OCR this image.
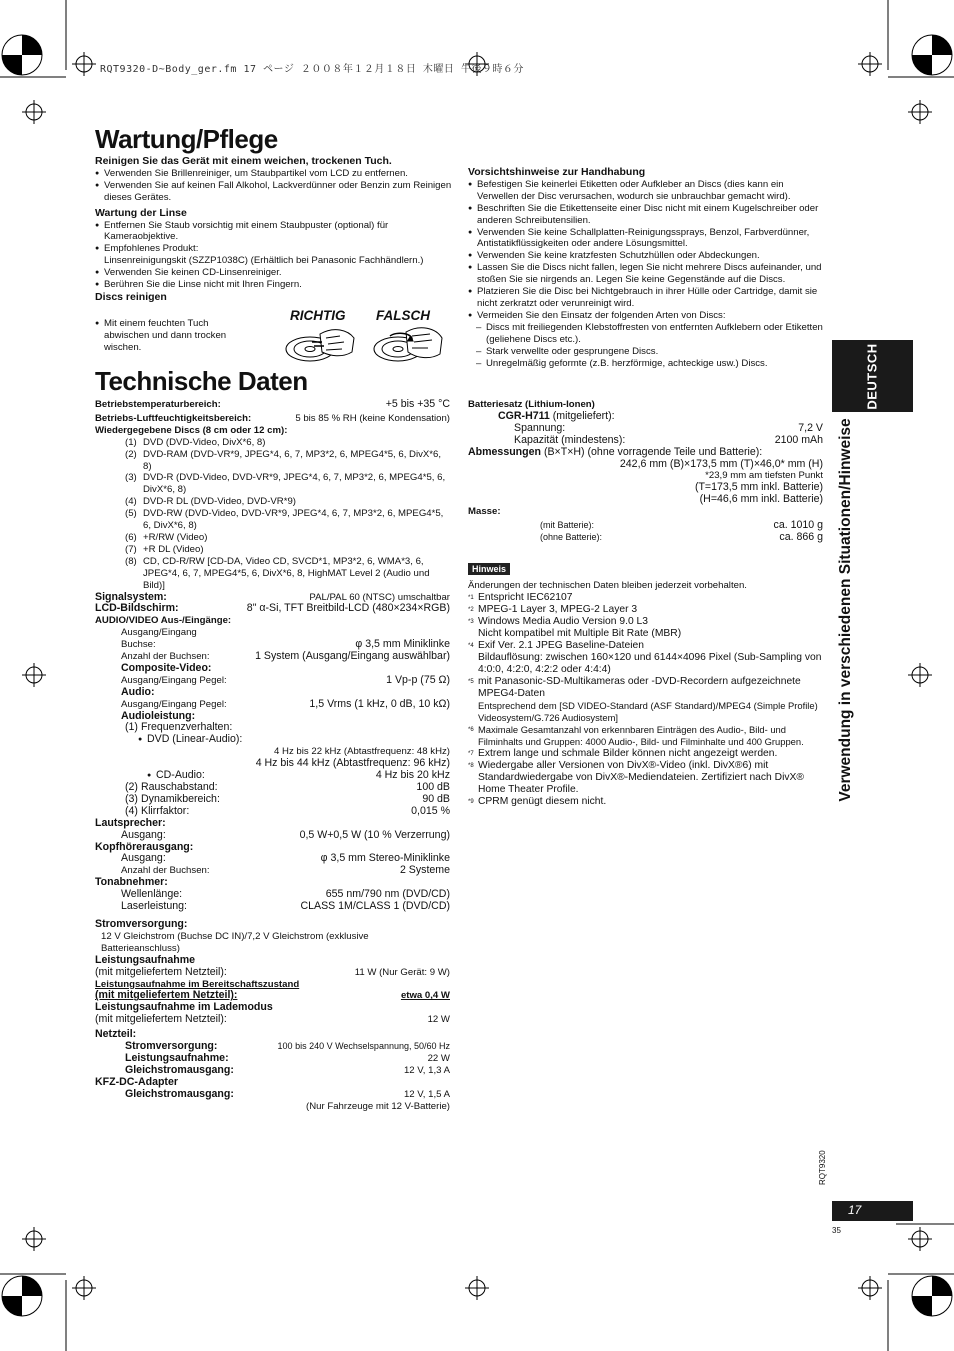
RQT9320-D~Body_ger.fm 17 ページ ２００８年１２月１８日 木曜日 午後９時６分
Wartung/Pflege
Reinigen Sie das Gerät mit einem weichen, trockenen Tuch.
● Verwenden Sie Brillenreiniger, um Staubpartikel vom LCD zu entfernen.
● Verwenden Sie auf keinen Fall Alkohol, Lackverdünner oder Benzin zum Reinigen dieses Gerätes.
Wartung der Linse
● Entfernen Sie Staub vorsichtig mit einem Staubpuster (optional) für Kameraobjektive.
● Empfohlenes Produkt:
Linsenreinigungskit (SZZP1038C) (Erhältlich bei Panasonic Fachhändlern.)
● Verwenden Sie keinen CD-Linsenreiniger.
● Berühren Sie die Linse nicht mit Ihren Fingern.
Discs reinigen
● Mit einem feuchten Tuch abwischen und dann trocken wischen.
RICHTIG FALSCH
Technische Daten
Betriebstemperaturbereich:	+5 bis +35 °C
Betriebs-Luftfeuchtigkeitsbereich:	5 bis 85 % RH (keine Kondensation)
Wiedergegebene Discs (8 cm oder 12 cm):
(1) DVD (DVD-Video, DivX*6, 8)
(2) DVD-RAM (DVD-VR*9, JPEG*4, 6, 7, MP3*2, 6, MPEG4*5, 6, DivX*6, 8)
(3) DVD-R (DVD-Video, DVD-VR*9, JPEG*4, 6, 7, MP3*2, 6, MPEG4*5, 6, DivX*6, 8)
(4) DVD-R DL (DVD-Video, DVD-VR*9)
(5) DVD-RW (DVD-Video, DVD-VR*9, JPEG*4, 6, 7, MP3*2, 6, MPEG4*5, 6, DivX*6, 8)
(6) +R/RW (Video)
(7) +R DL (Video)
(8) CD, CD-R/RW [CD-DA, Video CD, SVCD*1, MP3*2, 6, WMA*3, 6, JPEG*4, 6, 7, MPEG4*5, 6, DivX*6, 8, HighMAT Level 2 (Audio und Bild)]
Signalsystem:	PAL/PAL 60 (NTSC) umschaltbar
LCD-Bildschirm:	8" α-Si, TFT Breitbild-LCD (480×234×RGB)
AUDIO/VIDEO Aus-/Eingänge:
Ausgang/Eingang
Buchse:	φ 3,5 mm Miniklinke
Anzahl der Buchsen:	1 System (Ausgang/Eingang auswählbar)
Composite-Video:
Ausgang/Eingang Pegel:	1 Vp-p (75 Ω)
Audio:
Ausgang/Eingang Pegel:	1,5 Vrms (1 kHz, 0 dB, 10 kΩ)
Audioleistung:
(1) Frequenzverhalten:
● DVD (Linear-Audio):
4 Hz bis 22 kHz (Abtastfrequenz: 48 kHz)
4 Hz bis 44 kHz (Abtastfrequenz: 96 kHz)
● CD-Audio:	4 Hz bis 20 kHz
(2) Rauschabstand:	100 dB
(3) Dynamikbereich:	90 dB
(4) Klirrfaktor:	0,015 %
Lautsprecher:
Ausgang:	0,5 W+0,5 W (10 % Verzerrung)
Kopfhörerausgang:
Ausgang:	φ 3,5 mm Stereo-Miniklinke
Anzahl der Buchsen:	2 Systeme
Tonabnehmer:
Wellenlänge:	655 nm/790 nm (DVD/CD)
Laserleistung:	CLASS 1M/CLASS 1 (DVD/CD)
Stromversorgung:
12 V Gleichstrom (Buchse DC IN)/7,2 V Gleichstrom (exklusive Batterieanschluss)
Leistungsaufnahme
(mit mitgeliefertem Netzteil):	11 W (Nur Gerät: 9 W)
Leistungsaufnahme im Bereitschaftszustand
(mit mitgeliefertem Netzteil):	etwa 0,4 W
Leistungsaufnahme im Lademodus
(mit mitgeliefertem Netzteil):	12 W
Netzteil:
Stromversorgung:	100 bis 240 V Wechselspannung, 50/60 Hz
Leistungsaufnahme:	22 W
Gleichstromausgang:	12 V, 1,3 A
KFZ-DC-Adapter
Gleichstromausgang:	12 V, 1,5 A
(Nur Fahrzeuge mit 12 V-Batterie)
Vorsichtshinweise zur Handhabung
● Befestigen Sie keinerlei Etiketten oder Aufkleber an Discs (dies kann ein Verwellen der Disc verursachen, wodurch sie unbrauchbar gemacht wird).
● Beschriften Sie die Etikettenseite einer Disc nicht mit einem Kugelschreiber oder anderen Schreibutensilien.
● Verwenden Sie keine Schallplatten-Reinigungssprays, Benzol, Farbverdünner, Antistatikflüssigkeiten oder andere Lösungsmittel.
● Verwenden Sie keine kratzfesten Schutzhüllen oder Abdeckungen.
● Lassen Sie die Discs nicht fallen, legen Sie nicht mehrere Discs aufeinander, und stoßen Sie sie nirgends an. Legen Sie keine Gegenstände auf die Discs.
● Platzieren Sie die Disc bei Nichtgebrauch in ihrer Hülle oder Cartridge, damit sie nicht zerkratzt oder verunreinigt wird.
● Vermeiden Sie den Einsatz der folgenden Arten von Discs:
– Discs mit freiliegenden Klebstoffresten von entfernten Aufklebern oder Etiketten (geliehene Discs etc.).
– Stark verwellte oder gesprungene Discs.
– Unregelmäßig geformte (z.B. herzförmige, achteckige usw.) Discs.
Batteriesatz (Lithium-Ionen)
CGR-H711 (mitgeliefert):
Spannung:	7,2 V
Kapazität (mindestens):	2100 mAh
Abmessungen (B×T×H) (ohne vorragende Teile und Batterie):
242,6 mm (B)×173,5 mm (T)×46,0* mm (H)
*23,9 mm am tiefsten Punkt
(T=173,5 mm inkl. Batterie)
(H=46,6 mm inkl. Batterie)
Masse:
(mit Batterie):	ca. 1010 g
(ohne Batterie):	ca. 866 g
Hinweis
Änderungen der technischen Daten bleiben jederzeit vorbehalten.
*1 Entspricht IEC62107
*2 MPEG-1 Layer 3, MPEG-2 Layer 3
*3 Windows Media Audio Version 9.0 L3
Nicht kompatibel mit Multiple Bit Rate (MBR)
*4 Exif Ver. 2.1 JPEG Baseline-Dateien
Bildauflösung: zwischen 160×120 und 6144×4096 Pixel (Sub-Sampling von 4:0:0, 4:2:0, 4:2:2 oder 4:4:4)
*5 mit Panasonic-SD-Multikameras oder -DVD-Recordern aufgezeichnete MPEG4-Daten
Entsprechend dem [SD VIDEO-Standard (ASF Standard)/MPEG4 (Simple Profile) Videosystem/G.726 Audiosystem]
*6 Maximale Gesamtanzahl von erkennbaren Einträgen des Audio-, Bild- und Filminhalts und Gruppen: 4000 Audio-, Bild- und Filminhalte und 400 Gruppen.
*7 Extrem lange und schmale Bilder können nicht angezeigt werden.
*8 Wiedergabe aller Versionen von DivX®-Video (inkl. DivX®6) mit Standardwiedergabe von DivX®-Mediendateien. Zertifiziert nach DivX® Home Theater Profile.
*9 CPRM genügt diesem nicht.
DEUTSCH
Verwendung in verschiedenen Situationen/Hinweise
RQT9320
17
35
